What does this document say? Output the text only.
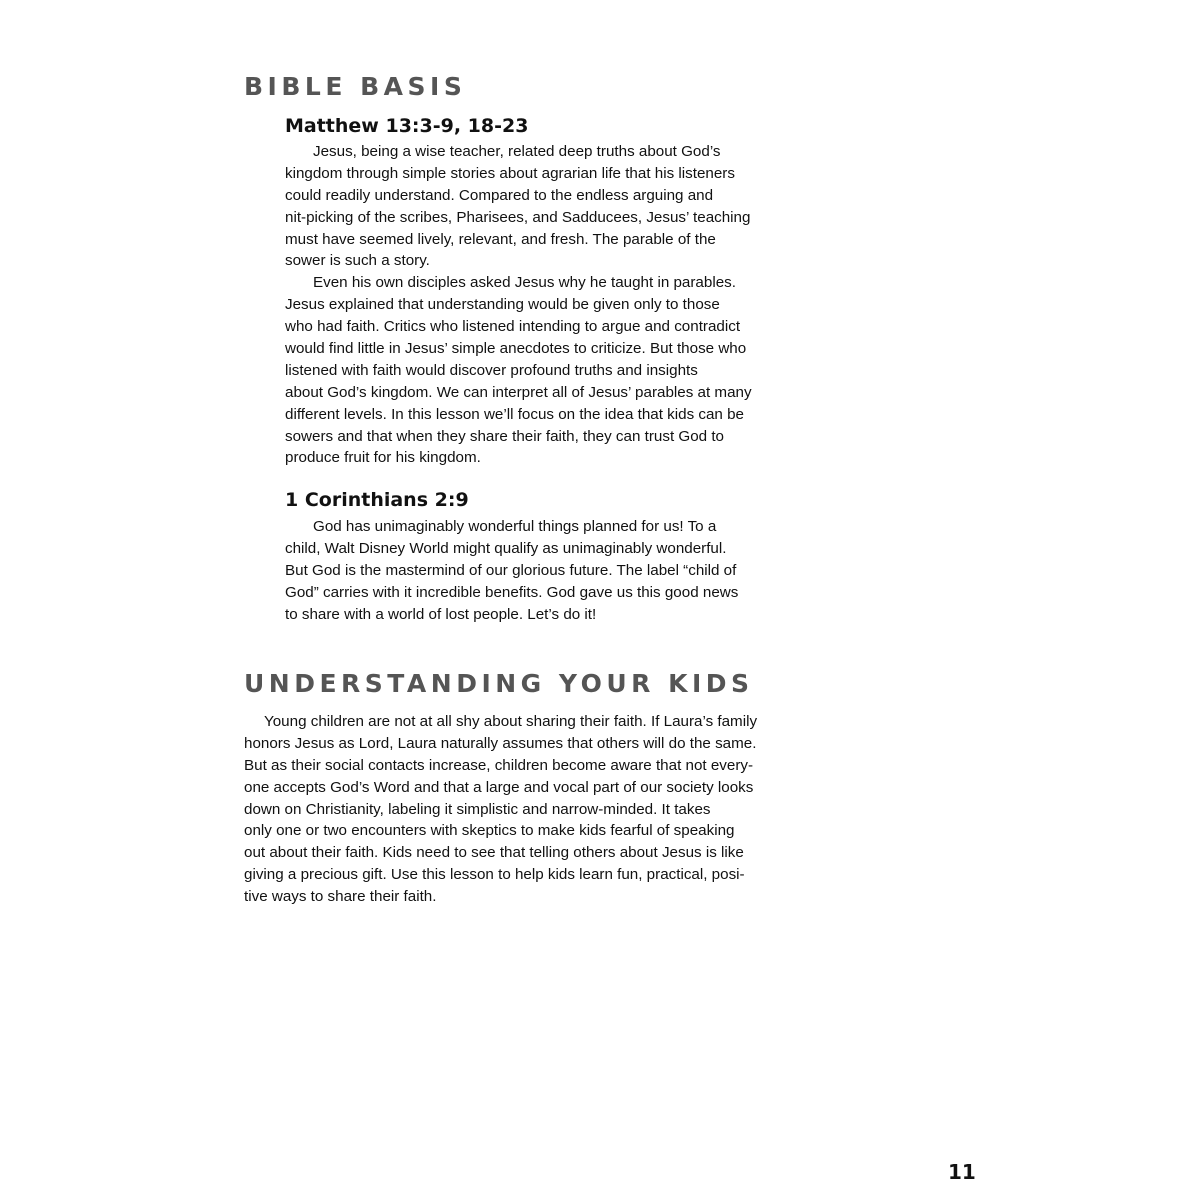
BIBLE BASIS
Matthew 13:3-9, 18-23
Jesus, being a wise teacher, related deep truths about God’s
kingdom through simple stories about agrarian life that his listeners
could readily understand. Compared to the endless arguing and
nit-picking of the scribes, Pharisees, and Sadducees, Jesus’ teaching
must have seemed lively, relevant, and fresh. The parable of the
sower is such a story.
Even his own disciples asked Jesus why he taught in parables.
Jesus explained that understanding would be given only to those
who had faith. Critics who listened intending to argue and contradict
would find little in Jesus’ simple anecdotes to criticize. But those who
listened with faith would discover profound truths and insights
about God’s kingdom. We can interpret all of Jesus’ parables at many
different levels. In this lesson we’ll focus on the idea that kids can be
sowers and that when they share their faith, they can trust God to
produce fruit for his kingdom.
1 Corinthians 2:9
God has unimaginably wonderful things planned for us! To a
child, Walt Disney World might qualify as unimaginably wonderful.
But God is the mastermind of our glorious future. The label “child of
God” carries with it incredible benefits. God gave us this good news
to share with a world of lost people. Let’s do it!
UNDERSTANDING YOUR KIDS
Young children are not at all shy about sharing their faith. If Laura’s family
honors Jesus as Lord, Laura naturally assumes that others will do the same.
But as their social contacts increase, children become aware that not every-
one accepts God’s Word and that a large and vocal part of our society looks
down on Christianity, labeling it simplistic and narrow-minded. It takes
only one or two encounters with skeptics to make kids fearful of speaking
out about their faith. Kids need to see that telling others about Jesus is like
giving a precious gift. Use this lesson to help kids learn fun, practical, posi-
tive ways to share their faith.
11
